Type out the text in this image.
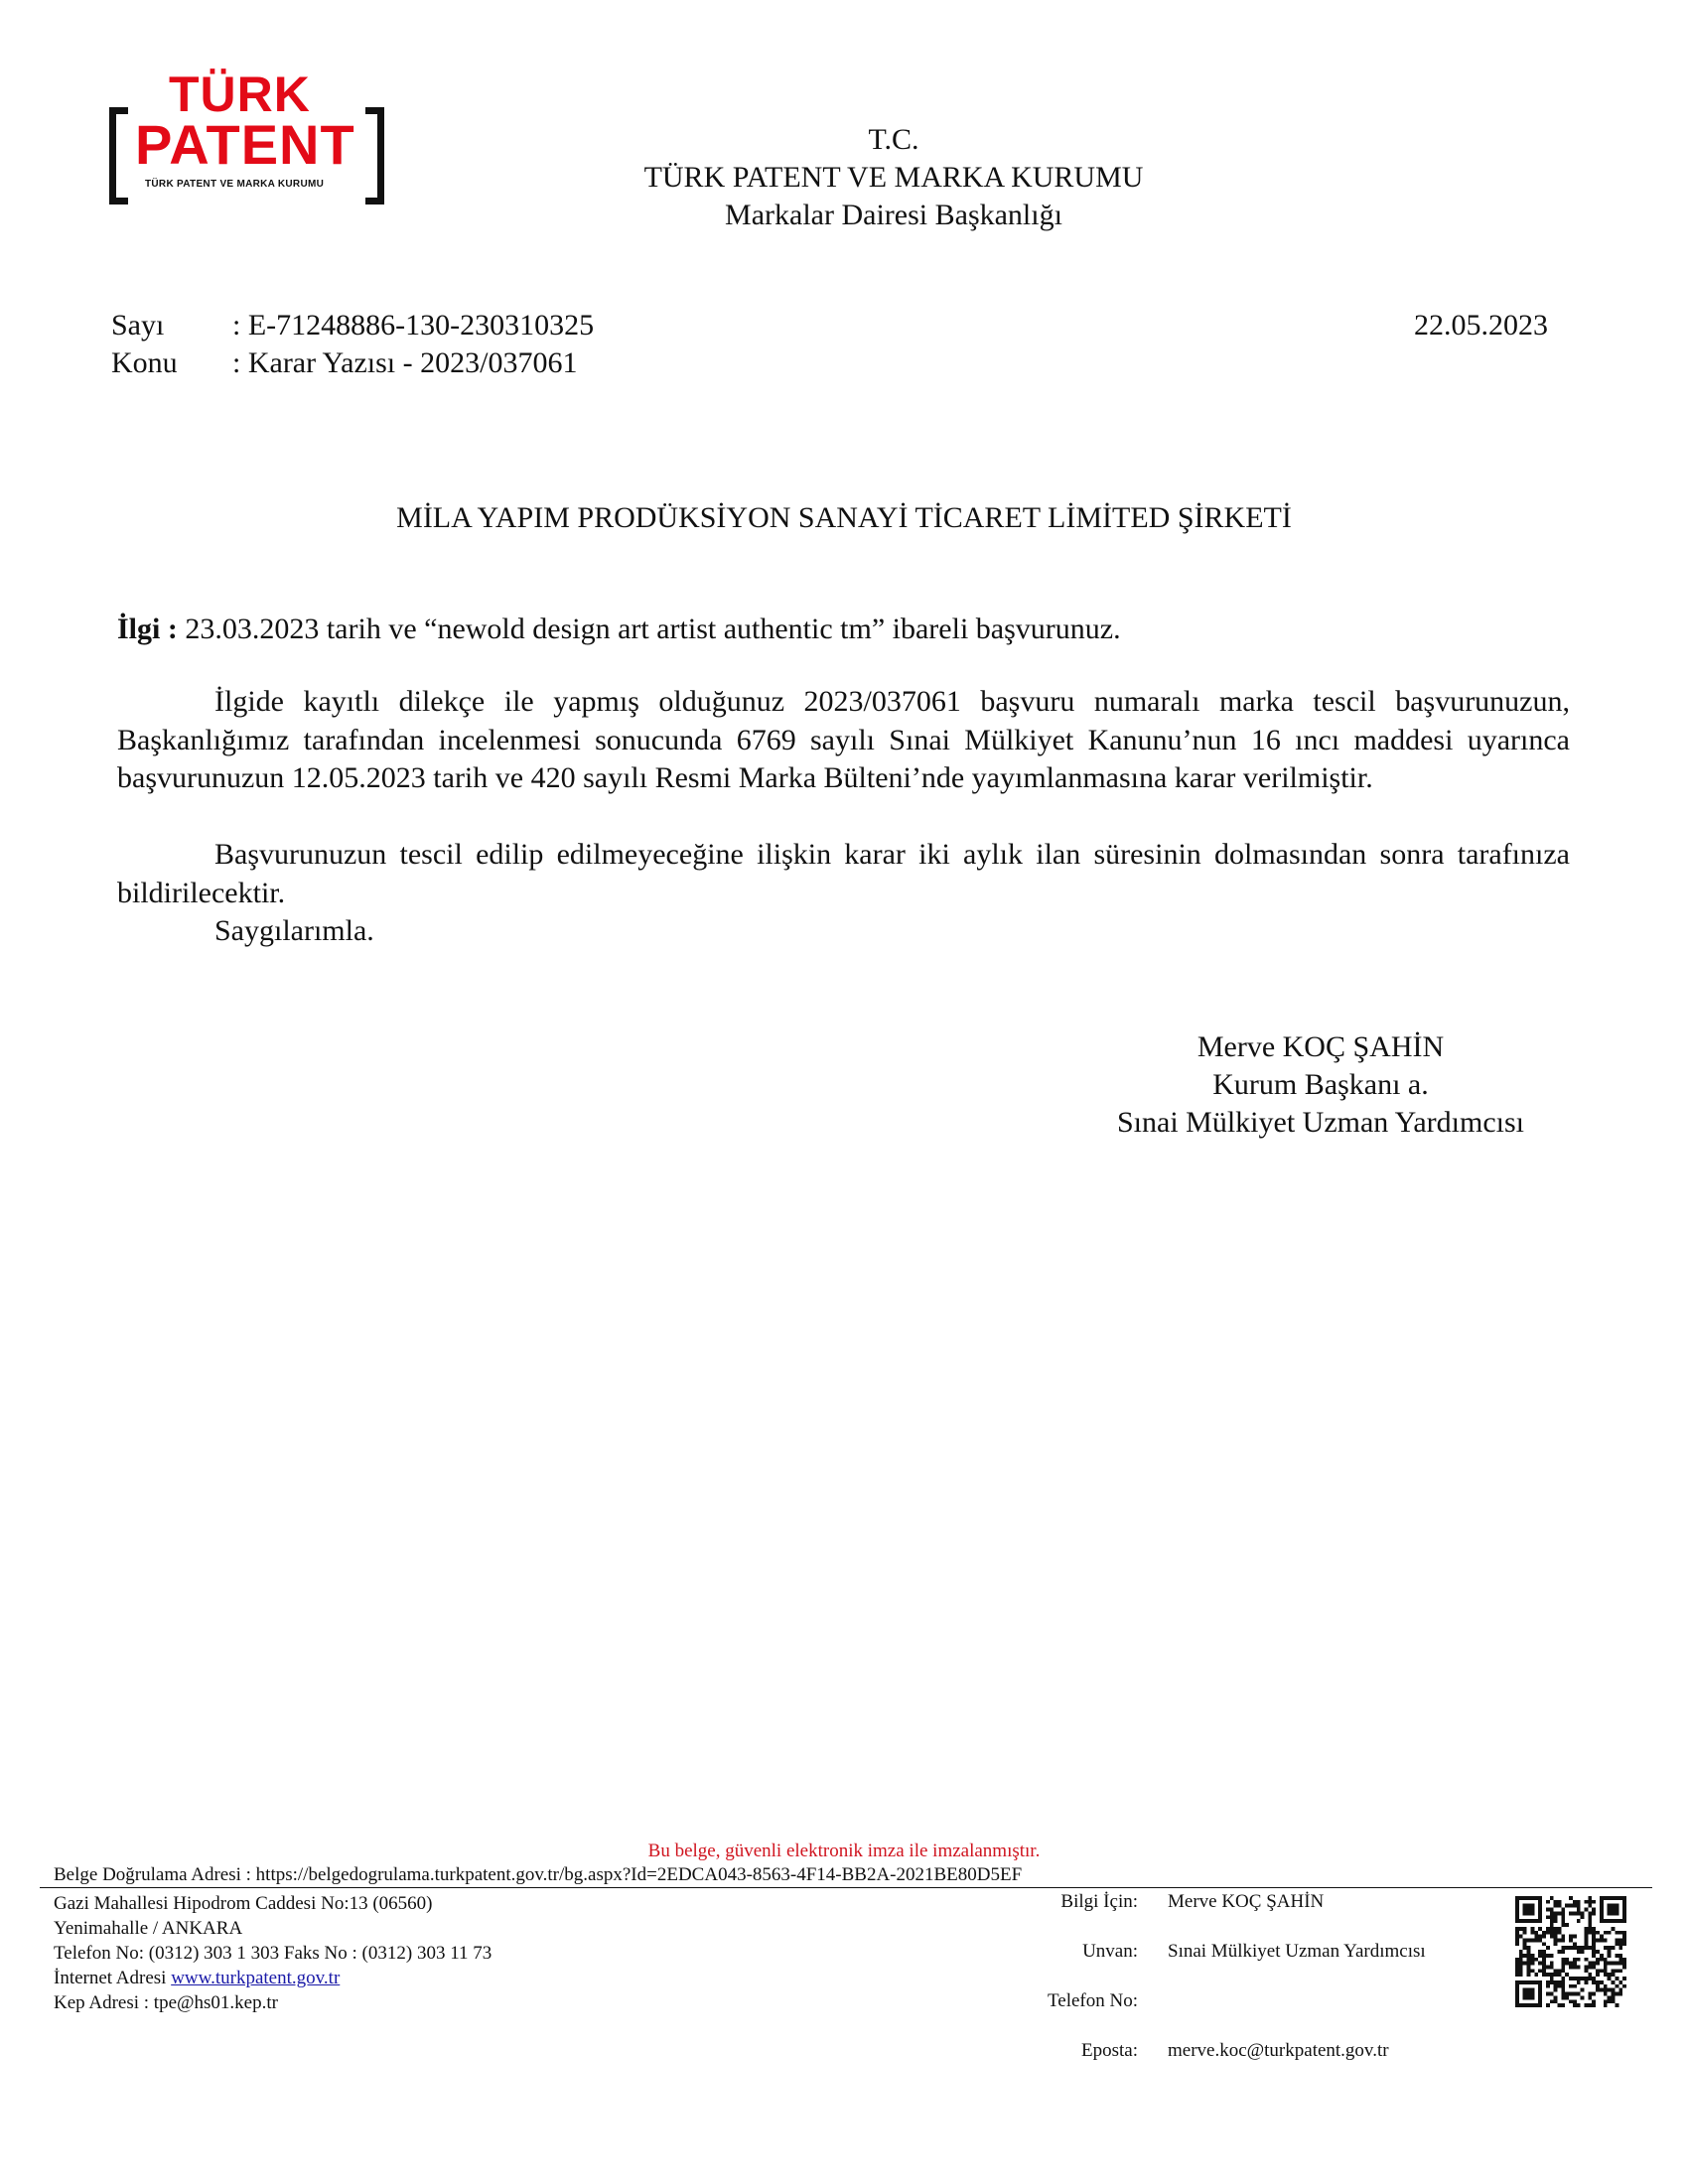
TÜRK
PATENT
TÜRK PATENT VE MARKA KURUMU
T.C.
TÜRK PATENT VE MARKA KURUMU
Markalar Dairesi Başkanlığı
Sayı : E-71248886-130-230310325
Konu : Karar Yazısı - 2023/037061
22.05.2023
MİLA YAPIM PRODÜKSİYON SANAYİ TİCARET LİMİTED ŞİRKETİ
İlgi : 23.03.2023 tarih ve “newold design art artist authentic tm” ibareli başvurunuz.
İlgide kayıtlı dilekçe ile yapmış olduğunuz 2023/037061 başvuru numaralı marka tescil başvurunuzun, Başkanlığımız tarafından incelenmesi sonucunda 6769 sayılı Sınai Mülkiyet Kanunu’nun 16 ıncı maddesi uyarınca başvurunuzun 12.05.2023 tarih ve 420 sayılı Resmi Marka Bülteni’nde yayımlanmasına karar verilmiştir.
Başvurunuzun tescil edilip edilmeyeceğine ilişkin karar iki aylık ilan süresinin dolmasından sonra tarafınıza bildirilecektir.
Saygılarımla.
Merve KOÇ ŞAHİN
Kurum Başkanı a.
Sınai Mülkiyet Uzman Yardımcısı
Bu belge, güvenli elektronik imza ile imzalanmıştır.
Belge Doğrulama Adresi : https://belgedogrulama.turkpatent.gov.tr/bg.aspx?Id=2EDCA043-8563-4F14-BB2A-2021BE80D5EF
Gazi Mahallesi Hipodrom Caddesi No:13 (06560)
Yenimahalle / ANKARA
Telefon No: (0312) 303 1 303 Faks No : (0312) 303 11 73
İnternet Adresi www.turkpatent.gov.tr
Kep Adresi : tpe@hs01.kep.tr
Bilgi İçin: Merve KOÇ ŞAHİN
Unvan: Sınai Mülkiyet Uzman Yardımcısı
Telefon No:
Eposta: merve.koc@turkpatent.gov.tr
